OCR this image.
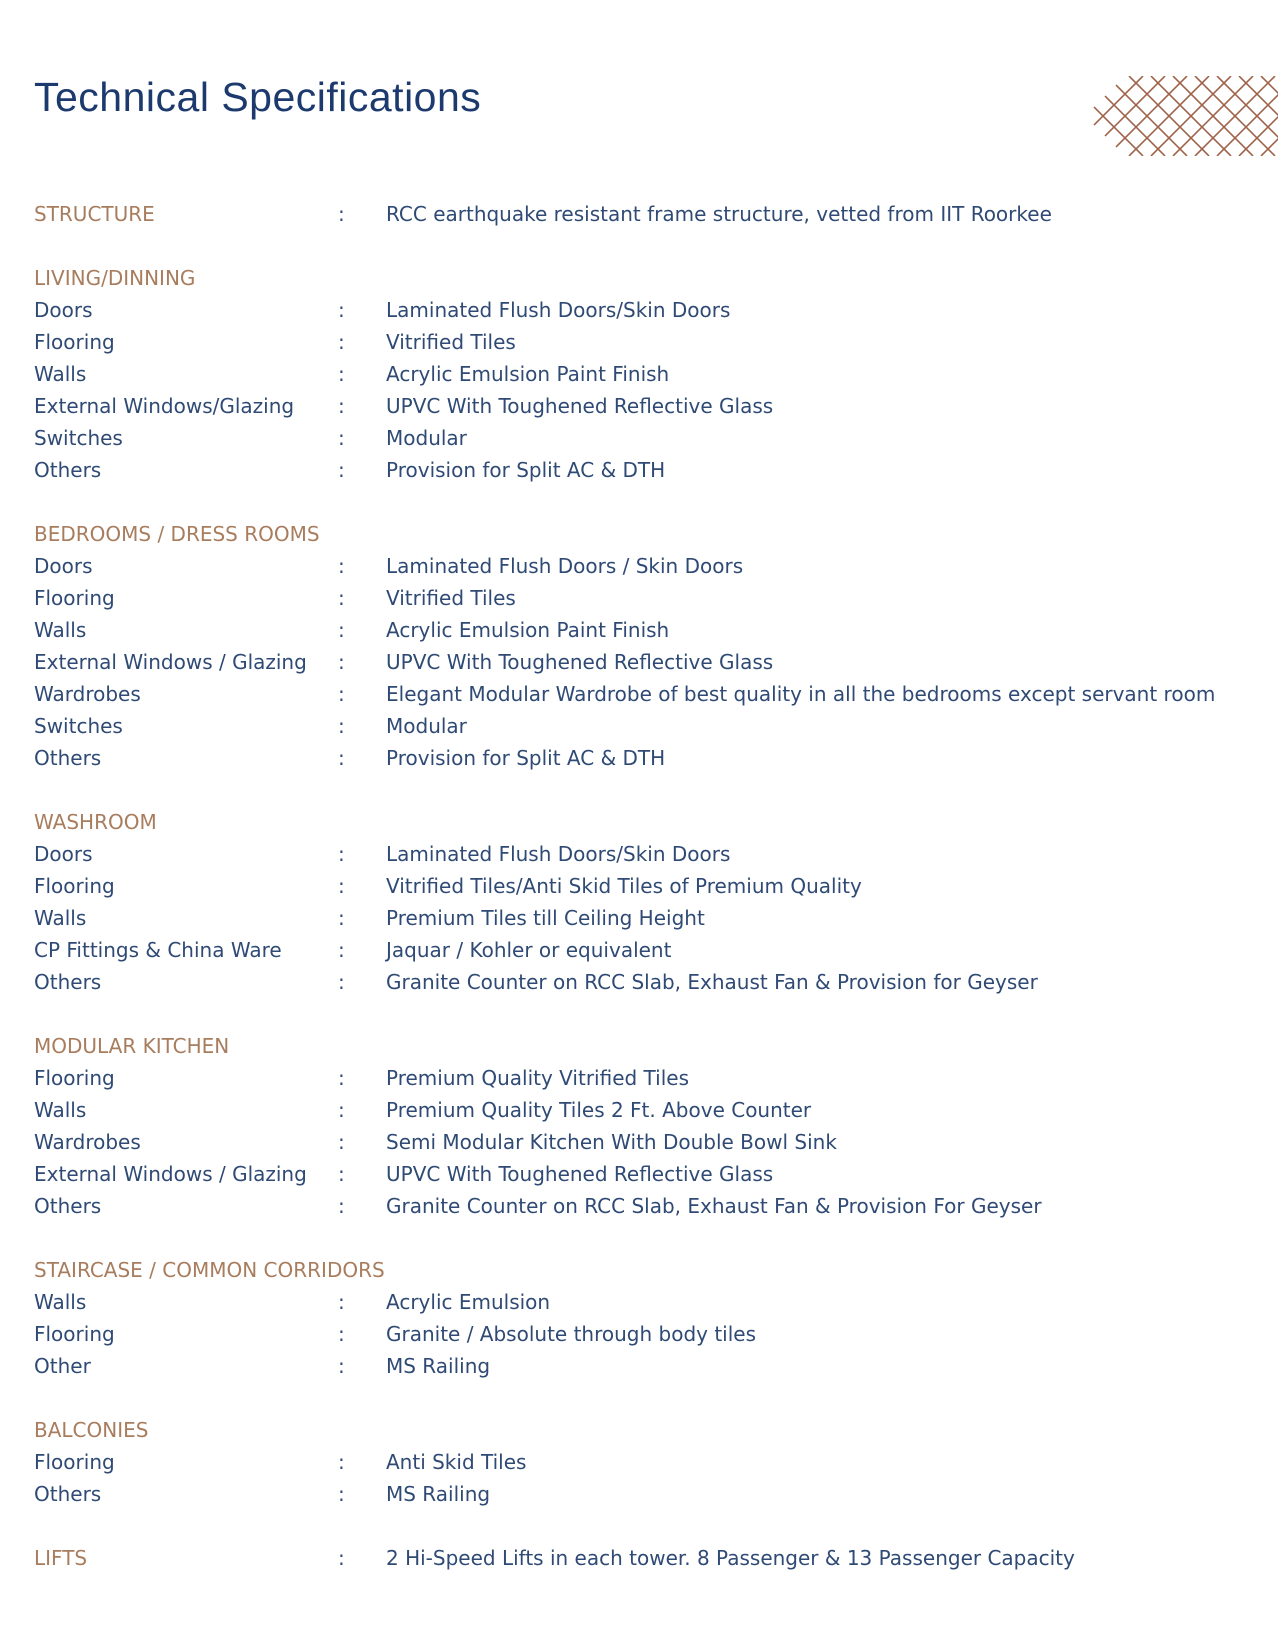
Technical Specifications
STRUCTURE	:	RCC earthquake resistant frame structure, vetted from IIT Roorkee
LIVING/DINNING
Doors	:	Laminated Flush Doors/Skin Doors
Flooring	:	Vitrified Tiles
Walls	:	Acrylic Emulsion Paint Finish
External Windows/Glazing	:	UPVC With Toughened Reflective Glass
Switches	:	Modular
Others	:	Provision for Split AC & DTH
BEDROOMS / DRESS ROOMS
Doors	:	Laminated Flush Doors / Skin Doors
Flooring	:	Vitrified Tiles
Walls	:	Acrylic Emulsion Paint Finish
External Windows / Glazing	:	UPVC With Toughened Reflective Glass
Wardrobes	:	Elegant Modular Wardrobe of best quality in all the bedrooms except servant room
Switches	:	Modular
Others	:	Provision for Split AC & DTH
WASHROOM
Doors	:	Laminated Flush Doors/Skin Doors
Flooring	:	Vitrified Tiles/Anti Skid Tiles of Premium Quality
Walls	:	Premium Tiles till Ceiling Height
CP Fittings & China Ware	:	Jaquar / Kohler or equivalent
Others	:	Granite Counter on RCC Slab, Exhaust Fan & Provision for Geyser
MODULAR KITCHEN
Flooring	:	Premium Quality Vitrified Tiles
Walls	:	Premium Quality Tiles 2 Ft. Above Counter
Wardrobes	:	Semi Modular Kitchen With Double Bowl Sink
External Windows / Glazing	:	UPVC With Toughened Reflective Glass
Others	:	Granite Counter on RCC Slab, Exhaust Fan & Provision For Geyser
STAIRCASE / COMMON CORRIDORS
Walls	:	Acrylic Emulsion
Flooring	:	Granite / Absolute through body tiles
Other	:	MS Railing
BALCONIES
Flooring	:	Anti Skid Tiles
Others	:	MS Railing
LIFTS	:	2 Hi-Speed Lifts in each tower. 8 Passenger & 13 Passenger Capacity
